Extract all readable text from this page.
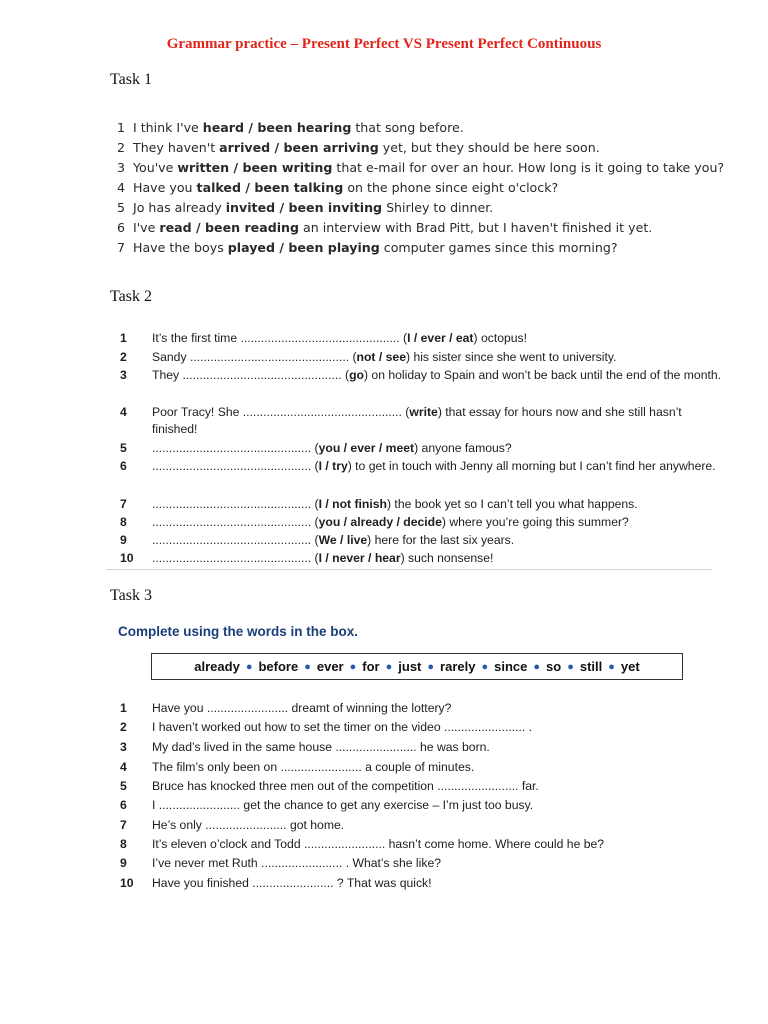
Grammar practice – Present Perfect VS Present Perfect Continuous
Task 1
1 I think I've heard / been hearing that song before.
2 They haven't arrived / been arriving yet, but they should be here soon.
3 You've written / been writing that e-mail for over an hour. How long is it going to take you?
4 Have you talked / been talking on the phone since eight o'clock?
5 Jo has already invited / been inviting Shirley to dinner.
6 I've read / been reading an interview with Brad Pitt, but I haven't finished it yet.
7 Have the boys played / been playing computer games since this morning?
Task 2
1	It’s the first time ............................................... (I / ever / eat) octopus!
2	Sandy ............................................... (not / see) his sister since she went to university.
3	They ............................................... (go) on holiday to Spain and won’t be back until the end of the month.
4	Poor Tracy! She ............................................... (write) that essay for hours now and she still hasn’t finished!
5	............................................... (you / ever / meet) anyone famous?
6	............................................... (I / try) to get in touch with Jenny all morning but I can’t find her anywhere.
7	............................................... (I / not finish) the book yet so I can’t tell you what happens.
8	............................................... (you / already / decide) where you’re going this summer?
9	............................................... (We / live) here for the last six years.
10	............................................... (I / never / hear) such nonsense!
Task 3
Complete using the words in the box.
already ● before ● ever ● for ● just ● rarely ● since ● so ● still ● yet
1	Have you ........................ dreamt of winning the lottery?
2	I haven’t worked out how to set the timer on the video ........................ .
3	My dad’s lived in the same house ........................ he was born.
4	The film’s only been on ........................ a couple of minutes.
5	Bruce has knocked three men out of the competition ........................ far.
6	I ........................ get the chance to get any exercise – I’m just too busy.
7	He’s only ........................ got home.
8	It’s eleven o’clock and Todd ........................ hasn’t come home. Where could he be?
9	I’ve never met Ruth ........................ . What’s she like?
10	Have you finished ........................ ? That was quick!
